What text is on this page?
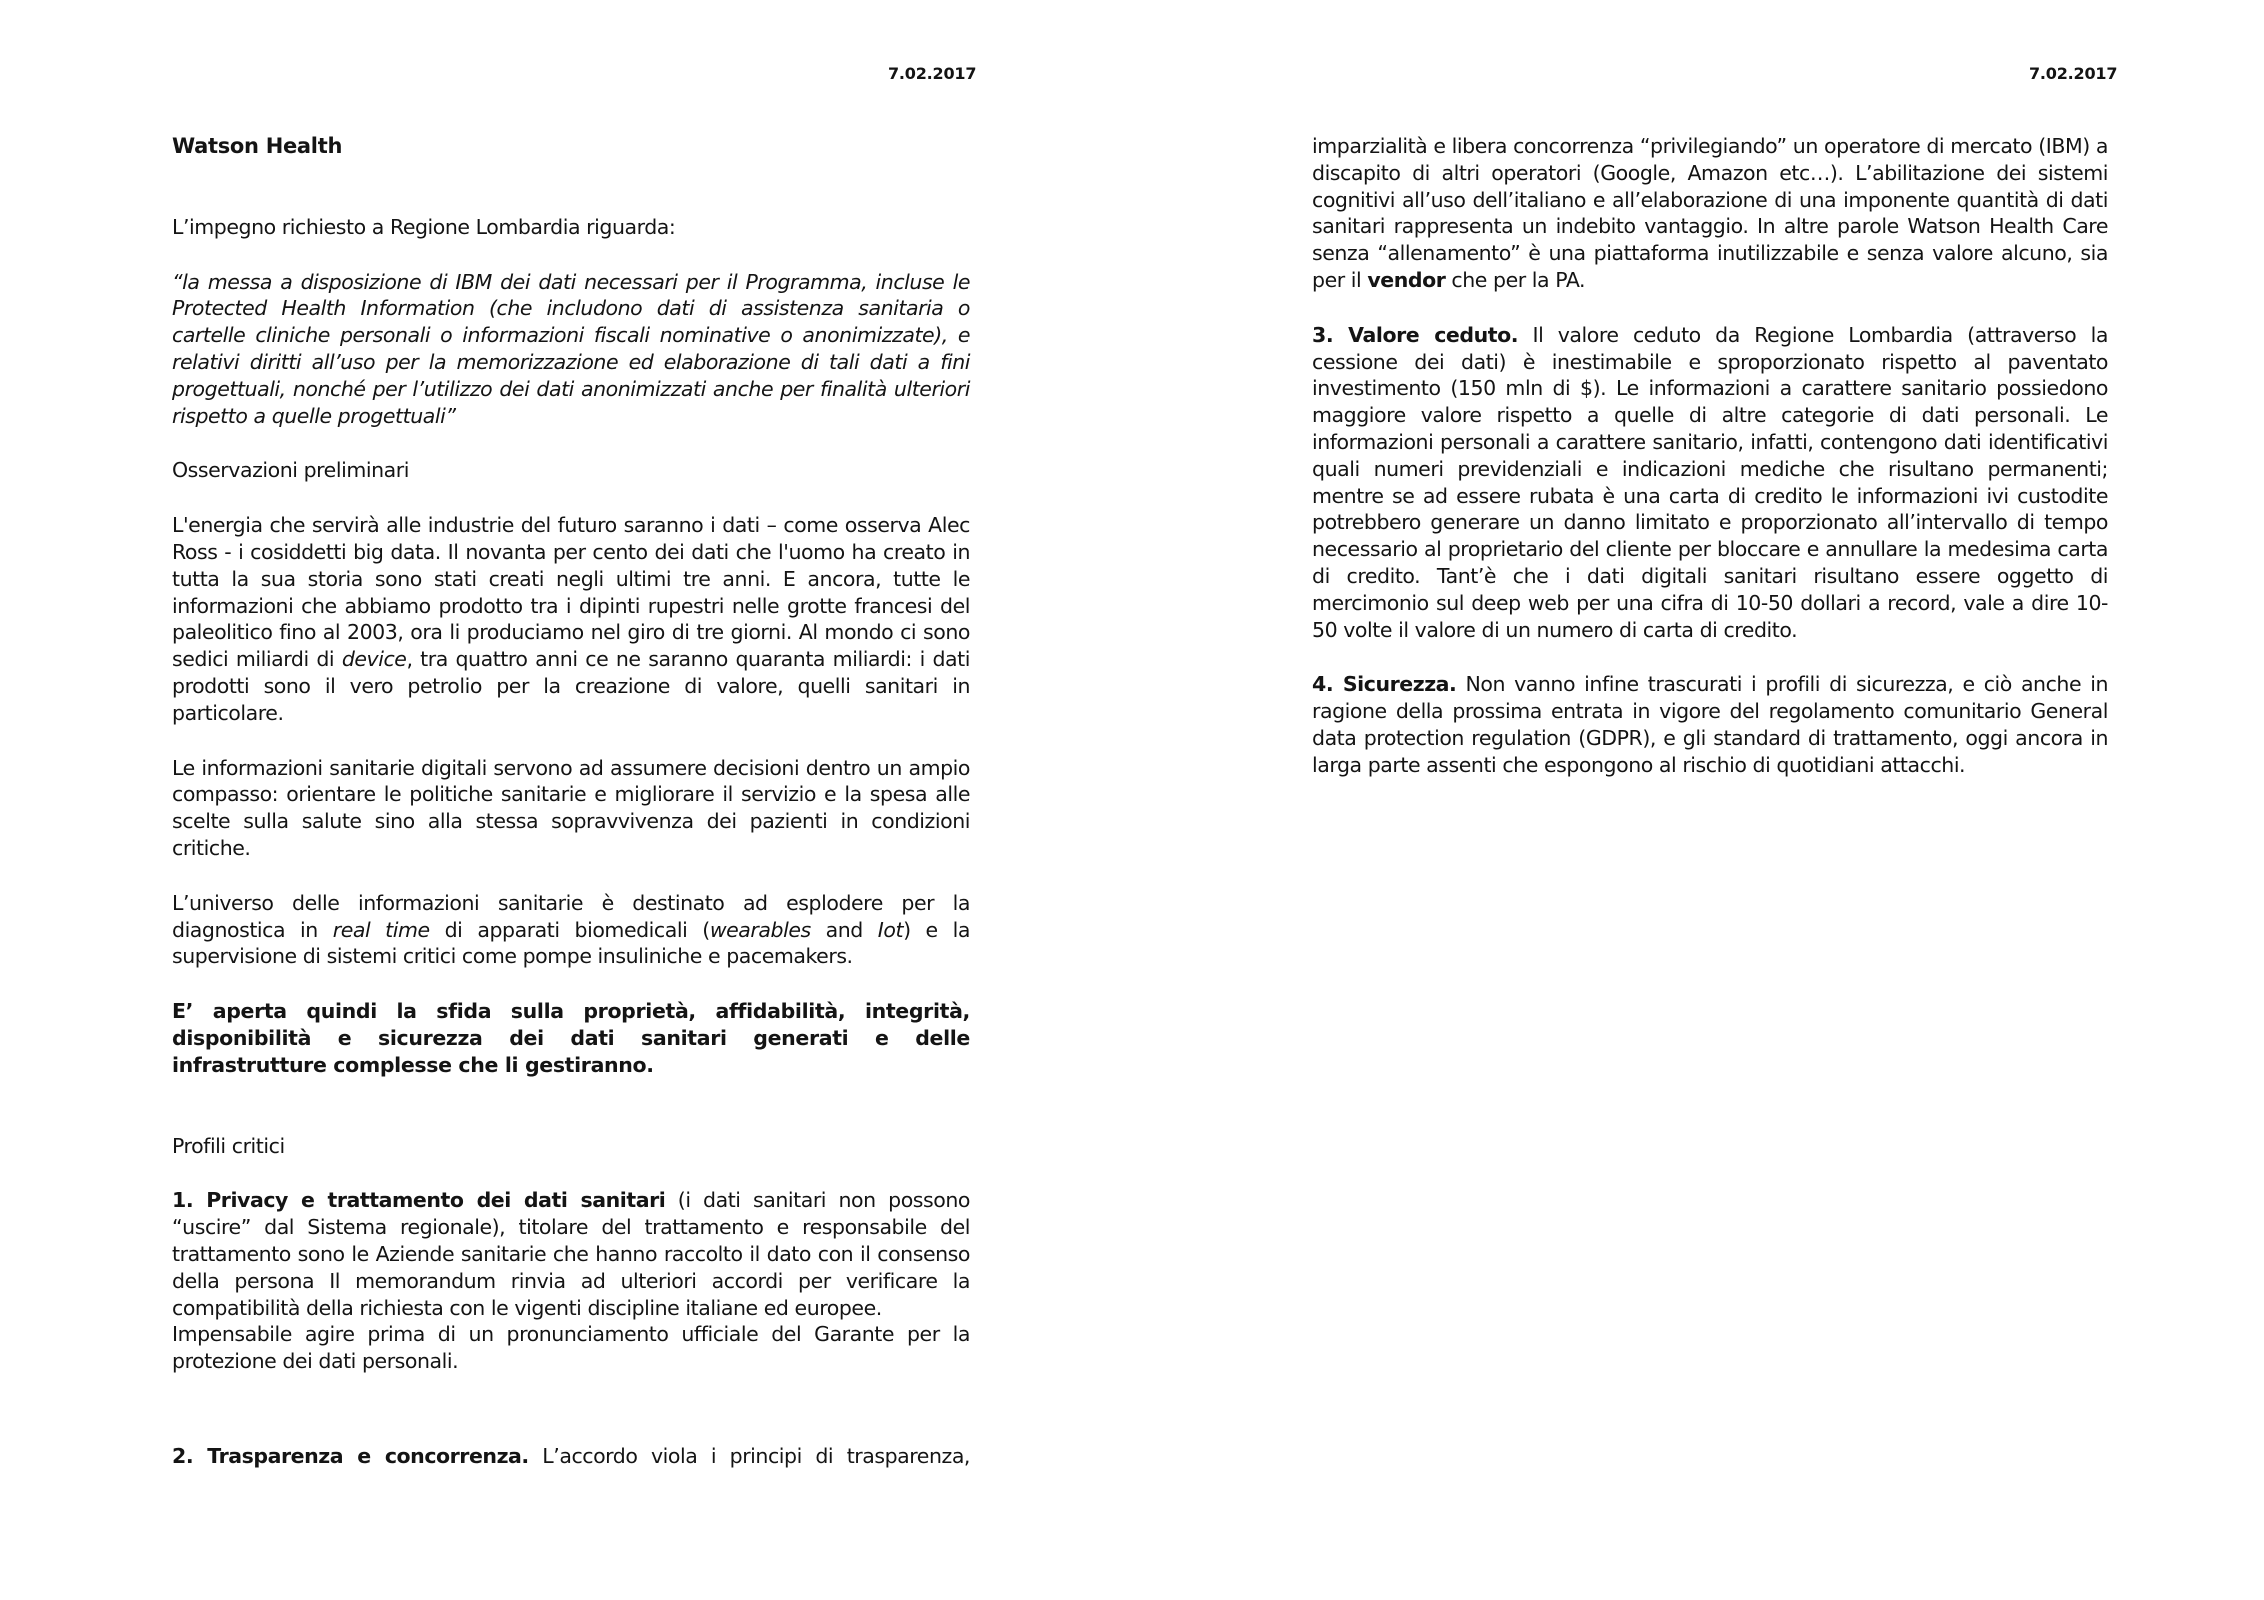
7.02.2017	7.02.2017

Watson Health

L’impegno richiesto a Regione Lombardia riguarda:

“la messa a disposizione di IBM dei dati necessari per il Programma, incluse le Protected Health Information (che includono dati di assistenza sanitaria o cartelle cliniche personali o informazioni fiscali nominative o anonimizzate), e relativi diritti all’uso per la memorizzazione ed elaborazione di tali dati a fini progettuali, nonché per l’utilizzo dei dati anonimizzati anche per finalità ulteriori rispetto a quelle progettuali”

Osservazioni preliminari

L'energia che servirà alle industrie del futuro saranno i dati – come osserva Alec Ross - i cosiddetti big data. Il novanta per cento dei dati che l'uomo ha creato in tutta la sua storia sono stati creati negli ultimi tre anni. E ancora, tutte le informazioni che abbiamo prodotto tra i dipinti rupestri nelle grotte francesi del paleolitico fino al 2003, ora li produciamo nel giro di tre giorni. Al mondo ci sono sedici miliardi di device, tra quattro anni ce ne saranno quaranta miliardi: i dati prodotti sono il vero petrolio per la creazione di valore, quelli sanitari in particolare.

Le informazioni sanitarie digitali servono ad assumere decisioni dentro un ampio compasso: orientare le politiche sanitarie e migliorare il servizio e la spesa alle scelte sulla salute sino alla stessa sopravvivenza dei pazienti in condizioni critiche.

L’universo delle informazioni sanitarie è destinato ad esplodere per la diagnostica in real time di apparati biomedicali (wearables and Iot) e la supervisione di sistemi critici come pompe insuliniche e pacemakers.

E’ aperta quindi la sfida sulla proprietà, affidabilità, integrità, disponibilità e sicurezza dei dati sanitari generati e delle infrastrutture complesse che li gestiranno.

Profili critici

1. Privacy e trattamento dei dati sanitari (i dati sanitari non possono “uscire” dal Sistema regionale), titolare del trattamento e responsabile del trattamento sono le Aziende sanitarie che hanno raccolto il dato con il consenso della persona Il memorandum rinvia ad ulteriori accordi per verificare la compatibilità della richiesta con le vigenti discipline italiane ed europee.

Impensabile agire prima di un pronunciamento ufficiale del Garante per la protezione dei dati personali.

2. Trasparenza e concorrenza. L’accordo viola i principi di trasparenza,

imparzialità e libera concorrenza “privilegiando” un operatore di mercato (IBM) a discapito di altri operatori (Google, Amazon etc…). L’abilitazione dei sistemi cognitivi all’uso dell’italiano e all’elaborazione di una imponente quantità di dati sanitari rappresenta un indebito vantaggio. In altre parole Watson Health Care senza “allenamento” è una piattaforma inutilizzabile e senza valore alcuno, sia per il vendor che per la PA.

3. Valore ceduto. Il valore ceduto da Regione Lombardia (attraverso la cessione dei dati) è inestimabile e sproporzionato rispetto al paventato investimento (150 mln di $). Le informazioni a carattere sanitario possiedono maggiore valore rispetto a quelle di altre categorie di dati personali. Le informazioni personali a carattere sanitario, infatti, contengono dati identificativi quali numeri previdenziali e indicazioni mediche che risultano permanenti; mentre se ad essere rubata è una carta di credito le informazioni ivi custodite potrebbero generare un danno limitato e proporzionato all’intervallo di tempo necessario al proprietario del cliente per bloccare e annullare la medesima carta di credito. Tant’è che i dati digitali sanitari risultano essere oggetto di mercimonio sul deep web per una cifra di 10-50 dollari a record, vale a dire 10-50 volte il valore di un numero di carta di credito.

4. Sicurezza. Non vanno infine trascurati i profili di sicurezza, e ciò anche in ragione della prossima entrata in vigore del regolamento comunitario General data protection regulation (GDPR), e gli standard di trattamento, oggi ancora in larga parte assenti che espongono al rischio di quotidiani attacchi.
